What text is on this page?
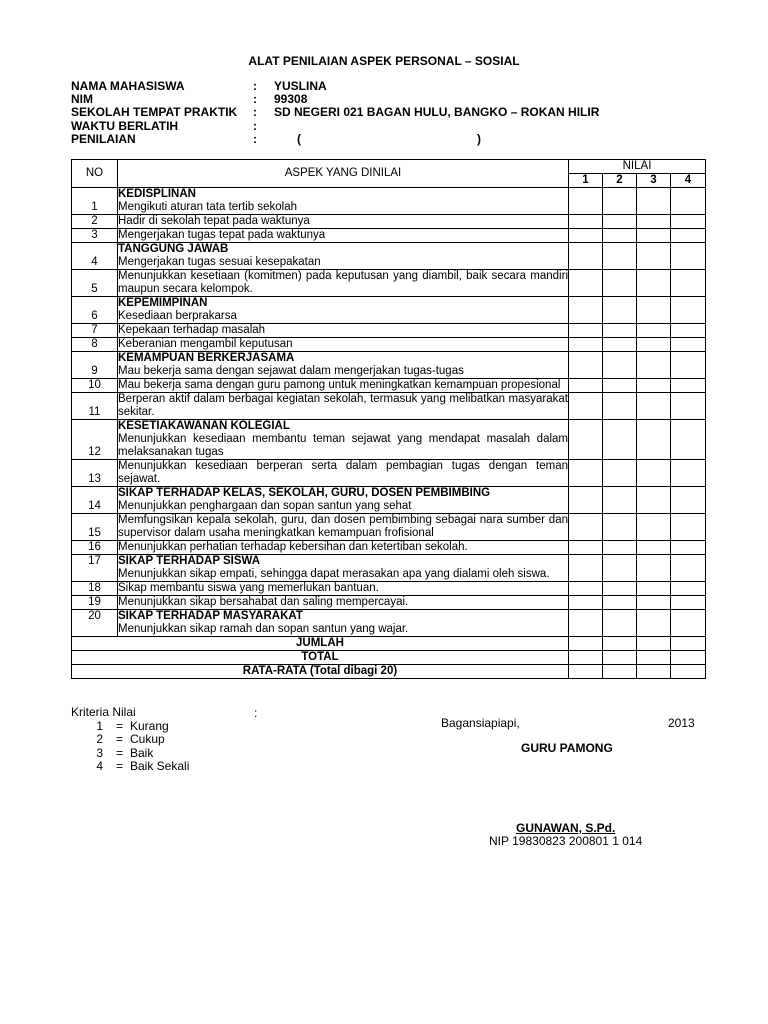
ALAT PENILAIAN ASPEK PERSONAL – SOSIAL
NAMA MAHASISWA	: YUSLINA
NIM	: 99308
SEKOLAH TEMPAT PRAKTIK : SD NEGERI 021 BAGAN HULU, BANGKO – ROKAN HILIR
WAKTU BERLATIH	:
PENILAIAN	:	(	)
NO	ASPEK YANG DINILAI	NILAI			
		1	2	3	4
1	KEDISPLINAN
Mengikuti aturan tata tertib sekolah				
2	Hadir di sekolah tepat pada waktunya				
3	Mengerjakan tugas tepat pada waktunya				
4	TANGGUNG JAWAB
Mengerjakan tugas sesuai kesepakatan				
5	Menunjukkan kesetiaan (komitmen) pada keputusan yang diambil, baik secara mandiri maupun secara kelompok.				
6	KEPEMIMPINAN
Kesediaan berprakarsa				
7	Kepekaan terhadap masalah				
8	Keberanian mengambil keputusan				
9	KEMAMPUAN BERKERJASAMA
Mau bekerja sama dengan sejawat dalam mengerjakan tugas-tugas				
10	Mau bekerja sama dengan guru pamong untuk meningkatkan kemampuan propesional				
11	Berperan aktif dalam berbagai kegiatan sekolah, termasuk yang melibatkan masyarakat sekitar.				
12	KESETIAKAWANAN KOLEGIAL
Menunjukkan kesediaan membantu teman sejawat yang mendapat masalah dalam melaksanakan tugas				
13	Menunjukkan kesediaan berperan serta dalam pembagian tugas dengan teman sejawat.				
14	SIKAP TERHADAP KELAS, SEKOLAH, GURU, DOSEN PEMBIMBING
Menunjukkan penghargaan dan sopan santun yang sehat				
15	Memfungsikan kepala sekolah, guru, dan dosen pembimbing sebagai nara sumber dan supervisor dalam usaha meningkatkan kemampuan frofisional				
16	Menunjukkan perhatian terhadap kebersihan dan ketertiban sekolah.				
17	SIKAP TERHADAP SISWA
Menunjukkan sikap empati, sehingga dapat merasakan apa yang dialami oleh siswa.				
18	Sikap membantu siswa yang memerlukan bantuan.				
19	Menunjukkan sikap bersahabat dan saling mempercayai.				
20	SIKAP TERHADAP MASYARAKAT
Menunjukkan sikap ramah dan sopan santun yang wajar.				
JUMLAH					
TOTAL					
RATA-RATA (Total dibagi 20)					
Kriteria Nilai
1 = Kurang
2 = Cukup
3 = Baik
4 = Baik Sekali
:
Bagansiapiapi,	2013
GURU PAMONG
GUNAWAN, S.Pd.
NIP 19830823 200801 1 014
